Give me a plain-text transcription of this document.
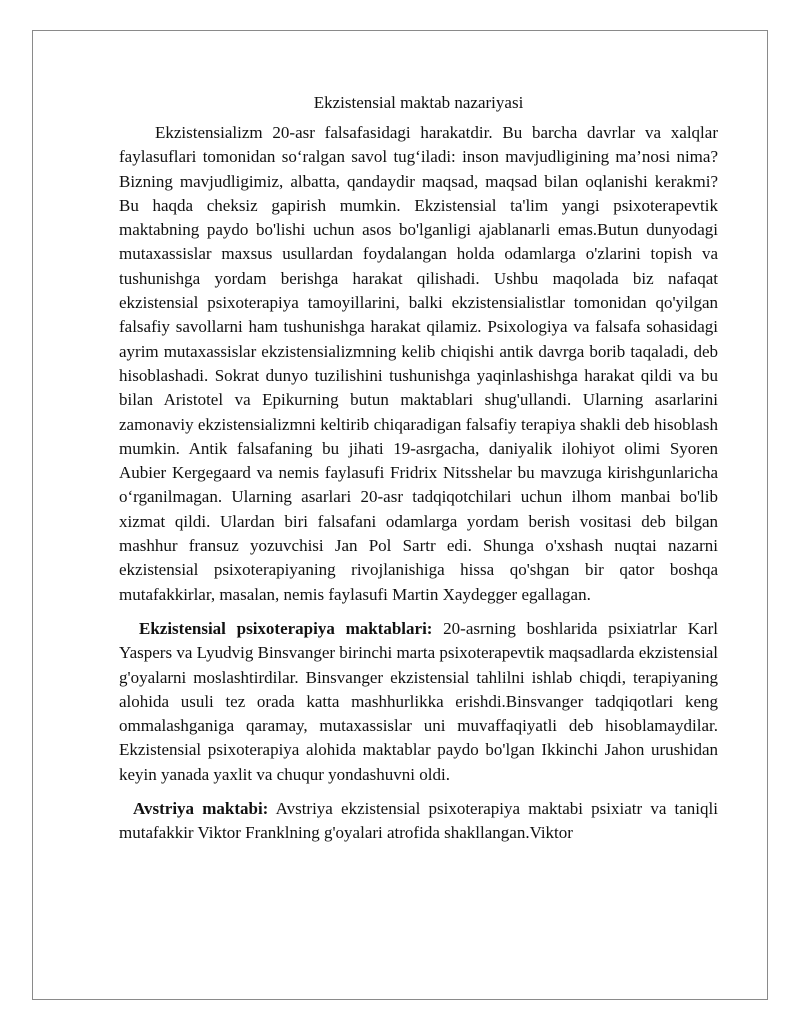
Ekzistensial maktab nazariyasi

Ekzistensializm 20-asr falsafasidagi harakatdir. Bu barcha davrlar va xalqlar faylasuflari tomonidan so‘ralgan savol tug‘iladi: inson mavjudligining ma’nosi nima? Bizning mavjudligimiz, albatta, qandaydir maqsad, maqsad bilan oqlanishi kerakmi? Bu haqda cheksiz gapirish mumkin. Ekzistensial ta'lim yangi psixoterapevtik maktabning paydo bo'lishi uchun asos bo'lganligi ajablanarli emas.Butun dunyodagi mutaxassislar maxsus usullardan foydalangan holda odamlarga o'zlarini topish va tushunishga yordam berishga harakat qilishadi. Ushbu maqolada biz nafaqat ekzistensial psixoterapiya tamoyillarini, balki ekzistensialistlar tomonidan qo'yilgan falsafiy savollarni ham tushunishga harakat qilamiz. Psixologiya va falsafa sohasidagi ayrim mutaxassislar ekzistensializmning kelib chiqishi antik davrga borib taqaladi, deb hisoblashadi. Sokrat dunyo tuzilishini tushunishga yaqinlashishga harakat qildi va bu bilan Aristotel va Epikurning butun maktablari shug'ullandi. Ularning asarlarini zamonaviy ekzistensializmni keltirib chiqaradigan falsafiy terapiya shakli deb hisoblash mumkin. Antik falsafaning bu jihati 19-asrgacha, daniyalik ilohiyot olimi Syoren Aubier Kergegaard va nemis faylasufi Fridrix Nitsshelar bu mavzuga kirishgunlaricha o‘rganilmagan. Ularning asarlari 20-asr tadqiqotchilari uchun ilhom manbai bo'lib xizmat qildi. Ulardan biri falsafani odamlarga yordam berish vositasi deb bilgan mashhur fransuz yozuvchisi Jan Pol Sartr edi. Shunga o'xshash nuqtai nazarni ekzistensial psixoterapiyaning rivojlanishiga hissa qo'shgan bir qator boshqa mutafakkirlar, masalan, nemis faylasufi Martin Xaydegger egallagan.

Ekzistensial psixoterapiya maktablari: 20-asrning boshlarida psixiatrlar Karl Yaspers va Lyudvig Binsvanger birinchi marta psixoterapevtik maqsadlarda ekzistensial g'oyalarni moslashtirdilar. Binsvanger ekzistensial tahlilni ishlab chiqdi, terapiyaning alohida usuli tez orada katta mashhurlikka erishdi.Binsvanger tadqiqotlari keng ommalashganiga qaramay, mutaxassislar uni muvaffaqiyatli deb hisoblamaydilar. Ekzistensial psixoterapiya alohida maktablar paydo bo'lgan Ikkinchi Jahon urushidan keyin yanada yaxlit va chuqur yondashuvni oldi.

Avstriya maktabi: Avstriya ekzistensial psixoterapiya maktabi psixiatr va taniqli mutafakkir Viktor Franklning g'oyalari atrofida shakllangan.Viktor
